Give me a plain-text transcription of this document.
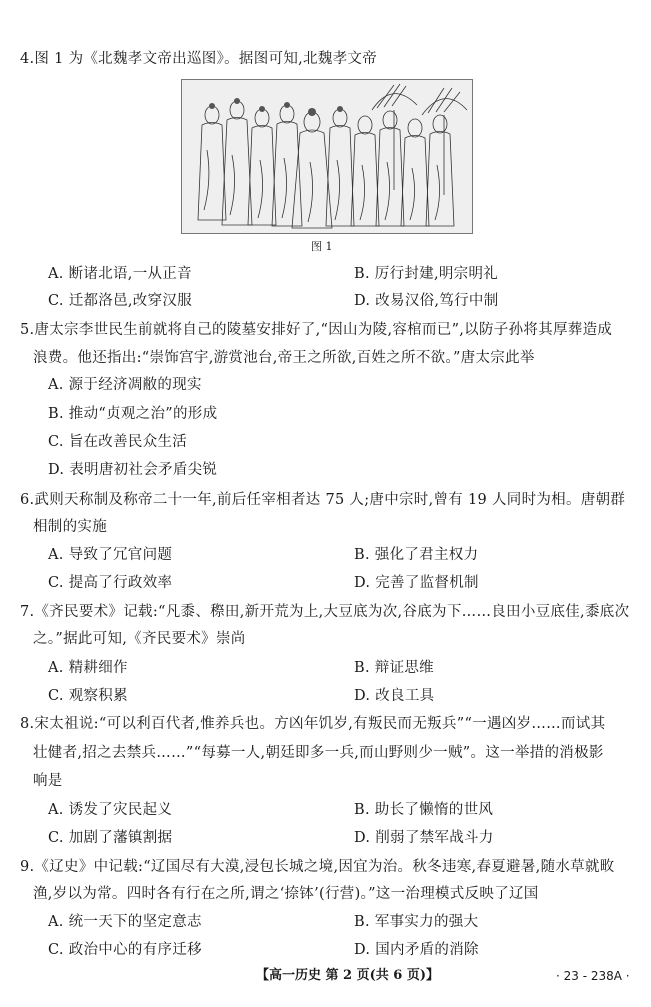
4.图 1 为《北魏孝文帝出巡图》。据图可知,北魏孝文帝
图 1
A. 断诸北语,一从正音	B. 厉行封建,明宗明礼
C. 迁都洛邑,改穿汉服	D. 改易汉俗,笃行中制
5.唐太宗李世民生前就将自己的陵墓安排好了,“因山为陵,容棺而已”,以防子孙将其厚葬造成
浪费。他还指出:“崇饰宫宇,游赏池台,帝王之所欲,百姓之所不欲。”唐太宗此举
A. 源于经济凋敝的现实
B. 推动“贞观之治”的形成
C. 旨在改善民众生活
D. 表明唐初社会矛盾尖锐
6.武则天称制及称帝二十一年,前后任宰相者达 75 人;唐中宗时,曾有 19 人同时为相。唐朝群
相制的实施
A. 导致了冗官问题	B. 强化了君主权力
C. 提高了行政效率	D. 完善了监督机制
7.《齐民要术》记载:“凡黍、穄田,新开荒为上,大豆底为次,谷底为下……良田小豆底佳,黍底次
之。”据此可知,《齐民要术》崇尚
A. 精耕细作	B. 辩证思维
C. 观察积累	D. 改良工具
8.宋太祖说:“可以利百代者,惟养兵也。方凶年饥岁,有叛民而无叛兵”“一遇凶岁……而试其
壮健者,招之去禁兵……”“每募一人,朝廷即多一兵,而山野则少一贼”。这一举措的消极影
响是
A. 诱发了灾民起义	B. 助长了懒惰的世风
C. 加剧了藩镇割据	D. 削弱了禁军战斗力
9.《辽史》中记载:“辽国尽有大漠,浸包长城之境,因宜为治。秋冬违寒,春夏避暑,随水草就畋
渔,岁以为常。四时各有行在之所,谓之‘捺钵’(行营)。”这一治理模式反映了辽国
A. 统一天下的坚定意志	B. 军事实力的强大
C. 政治中心的有序迁移	D. 国内矛盾的消除
【高一历史 第 2 页(共 6 页)】	· 23 - 238A ·
